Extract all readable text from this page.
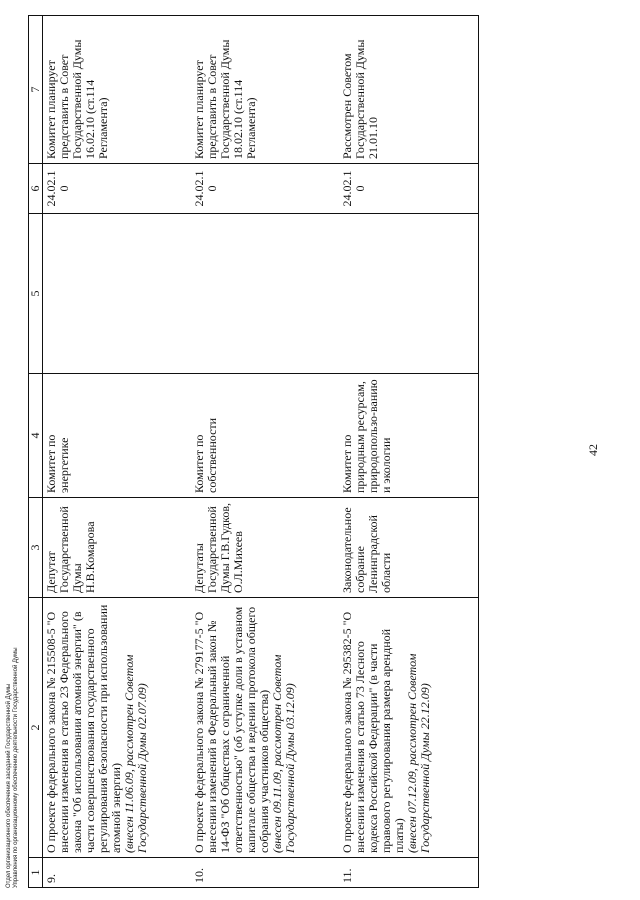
Отдел организационного обеспечения заседаний Государственной Думы Управления по организационному обеспечению деятельности Государственной Думы 1	2	3	4	5	6	7
9.	О проекте федерального закона № 215508-5 "О внесении изменения в статью 23 Федерального закона "Об использовании атомной энергии" (в части совершенствования государственного регулирования безопасности при использовании атомной энергии)
(внесен 11.06.09, рассмотрен Советом Государственной Думы 02.07.09)	Депутат Государственной Думы Н.В.Комарова	Комитет по энергетике		24.02.10	Комитет планирует представить в Совет Государственной Думы 16.02.10 (ст.114 Регламента)
10.	О проекте федерального закона № 279177-5 "О внесении изменений в Федеральный закон № 14-ФЗ "Об Обществах с ограниченной ответственностью" (об уступке доли в уставном капитале общества и ведении протокола общего собрания участников общества)
(внесен 09.11.09, рассмотрен Советом Государственной Думы 03.12.09)	Депутаты Государственной Думы Г.В.Гудков, О.Л.Михеев	Комитет по собственности		24.02.10	Комитет планирует представить в Совет Государственной Думы 18.02.10 (ст.114 Регламента)
11.	О проекте федерального закона № 295382-5 "О внесении изменения в статью 73 Лесного кодекса Российской Федерации" (в части правового регулирования размера арендной платы)
(внесен 07.12.09, рассмотрен Советом Государственной Думы 22.12.09)	Законодательное собрание Ленинградской области	Комитет по природным ресурсам, природопользо-ванию и экологии		24.02.10	Рассмотрен Советом Государственной Думы 21.01.10
42
